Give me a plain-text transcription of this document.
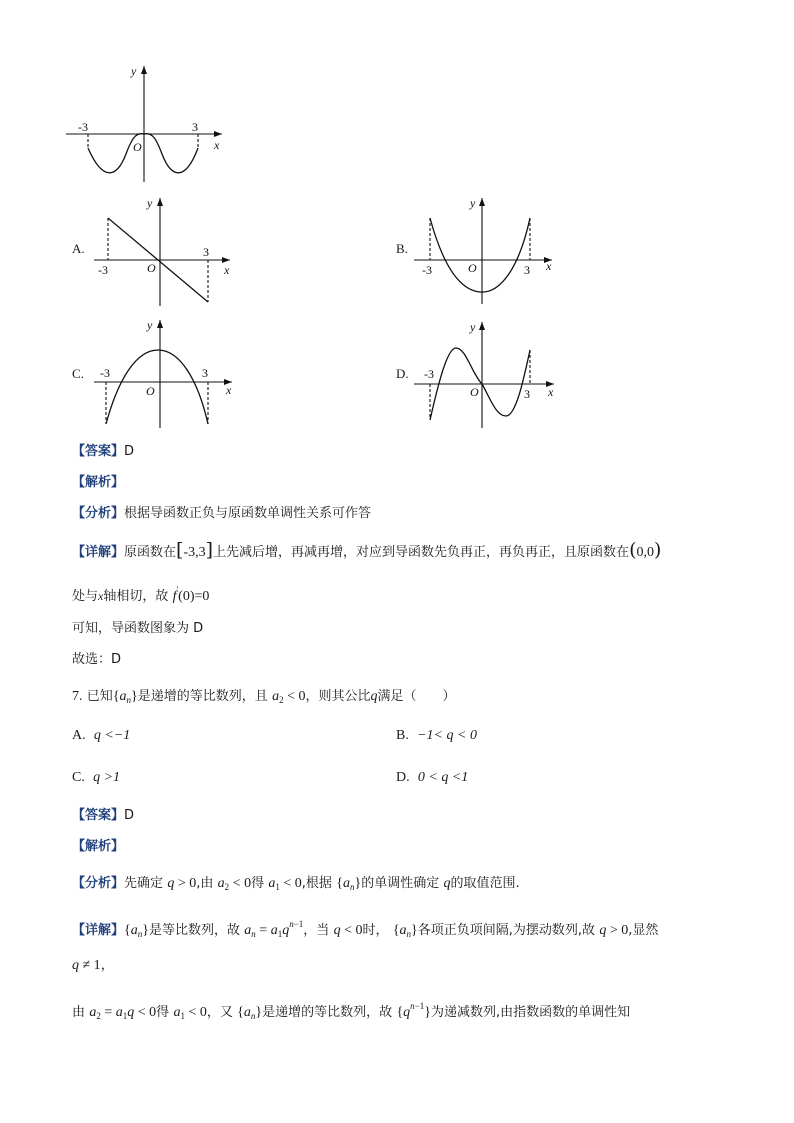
y
x
O
-3	3
A.
y
x
O
-3
3	B.
y
x
O
-3	3
C.
y
x
O
-3	3	D.
y
x
O
-3
3
【答案】D
【解析】
【分析】根据导函数正负与原函数单调性关系可作答
【详解】原函数在[-3,3]上先减后增，再减再增，对应到导函数先负再正，再负再正，且原函数在(0,0)
处与x轴相切，故 f'(0)=0
可知，导函数图象为 D
故选：D
7. 已知$\{a_n\}$是递增的等比数列，且 $a_2 < 0$，则其公比q满足（　　）
A. q <−1	B. −1< q < 0
C. q >1	D. 0 < q <1
【答案】D
【解析】
【分析】先确定 q > 0,由 $a_2 < 0$得 $a_1 < 0$,根据 $\{a_n\}$的单调性确定 q的取值范围.
【详解】$\{a_n\}$是等比数列，故 $a_n = a_1q^{n-1}$，当 q < 0时， $\{a_n\}$各项正负项间隔,为摆动数列,故 q > 0,显然
q ≠ 1，
由 $a_2 = a_1q < 0$得 $a_1 < 0$，又 $\{a_n\}$是递增的等比数列，故 $\{q^{n-1}\}$为递减数列,由指数函数的单调性知
